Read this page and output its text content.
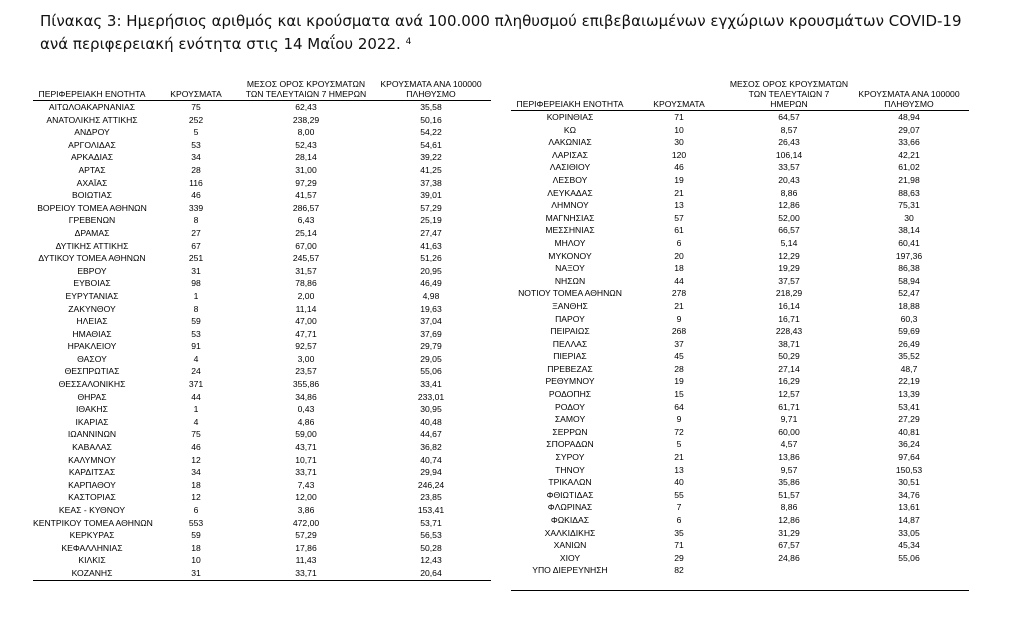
Πίνακας 3: Ημερήσιος αριθμός και κρούσματα ανά 100.000 πληθυσμού επιβεβαιωμένων εγχώριων κρουσμάτων COVID-19 ανά περιφερειακή ενότητα στις 14 Μαΐου 2022. $^4$
ΠΕΡΙΦΕΡΕΙΑΚΗ ΕΝΟΤΗΤΑ	ΚΡΟΥΣΜΑΤΑ	ΜΕΣΟΣ ΟΡΟΣ ΚΡΟΥΣΜΑΤΩΝ ΤΩΝ ΤΕΛΕΥΤΑΙΩΝ 7 ΗΜΕΡΩΝ	ΚΡΟΥΣΜΑΤΑ ΑΝΑ 100000 ΠΛΗΘΥΣΜΟ
ΑΙΤΩΛΟΑΚΑΡΝΑΝΙΑΣ	75	62,43	35,58
ΑΝΑΤΟΛΙΚΗΣ ΑΤΤΙΚΗΣ	252	238,29	50,16
ΑΝΔΡΟΥ	5	8,00	54,22
ΑΡΓΟΛΙΔΑΣ	53	52,43	54,61
ΑΡΚΑΔΙΑΣ	34	28,14	39,22
ΑΡΤΑΣ	28	31,00	41,25
ΑΧΑΪΑΣ	116	97,29	37,38
ΒΟΙΩΤΙΑΣ	46	41,57	39,01
ΒΟΡΕΙΟΥ ΤΟΜΕΑ ΑΘΗΝΩΝ	339	286,57	57,29
ΓΡΕΒΕΝΩΝ	8	6,43	25,19
ΔΡΑΜΑΣ	27	25,14	27,47
ΔΥΤΙΚΗΣ ΑΤΤΙΚΗΣ	67	67,00	41,63
ΔΥΤΙΚΟΥ ΤΟΜΕΑ ΑΘΗΝΩΝ	251	245,57	51,26
ΕΒΡΟΥ	31	31,57	20,95
ΕΥΒΟΙΑΣ	98	78,86	46,49
ΕΥΡΥΤΑΝΙΑΣ	1	2,00	4,98
ΖΑΚΥΝΘΟΥ	8	11,14	19,63
ΗΛΕΙΑΣ	59	47,00	37,04
ΗΜΑΘΙΑΣ	53	47,71	37,69
ΗΡΑΚΛΕΙΟΥ	91	92,57	29,79
ΘΑΣΟΥ	4	3,00	29,05
ΘΕΣΠΡΩΤΙΑΣ	24	23,57	55,06
ΘΕΣΣΑΛΟΝΙΚΗΣ	371	355,86	33,41
ΘΗΡΑΣ	44	34,86	233,01
ΙΘΑΚΗΣ	1	0,43	30,95
ΙΚΑΡΙΑΣ	4	4,86	40,48
ΙΩΑΝΝΙΝΩΝ	75	59,00	44,67
ΚΑΒΑΛΑΣ	46	43,71	36,82
ΚΑΛΥΜΝΟΥ	12	10,71	40,74
ΚΑΡΔΙΤΣΑΣ	34	33,71	29,94
ΚΑΡΠΑΘΟΥ	18	7,43	246,24
ΚΑΣΤΟΡΙΑΣ	12	12,00	23,85
ΚΕΑΣ - ΚΥΘΝΟΥ	6	3,86	153,41
ΚΕΝΤΡΙΚΟΥ ΤΟΜΕΑ ΑΘΗΝΩΝ	553	472,00	53,71
ΚΕΡΚΥΡΑΣ	59	57,29	56,53
ΚΕΦΑΛΛΗΝΙΑΣ	18	17,86	50,28
ΚΙΛΚΙΣ	10	11,43	12,43
ΚΟΖΑΝΗΣ	31	33,71	20,64
ΠΕΡΙΦΕΡΕΙΑΚΗ ΕΝΟΤΗΤΑ	ΚΡΟΥΣΜΑΤΑ	ΜΕΣΟΣ ΟΡΟΣ ΚΡΟΥΣΜΑΤΩΝ ΤΩΝ ΤΕΛΕΥΤΑΙΩΝ 7 ΗΜΕΡΩΝ	ΚΡΟΥΣΜΑΤΑ ΑΝΑ 100000 ΠΛΗΘΥΣΜΟ
ΚΟΡΙΝΘΙΑΣ	71	64,57	48,94
ΚΩ	10	8,57	29,07
ΛΑΚΩΝΙΑΣ	30	26,43	33,66
ΛΑΡΙΣΑΣ	120	106,14	42,21
ΛΑΣΙΘΙΟΥ	46	33,57	61,02
ΛΕΣΒΟΥ	19	20,43	21,98
ΛΕΥΚΑΔΑΣ	21	8,86	88,63
ΛΗΜΝΟΥ	13	12,86	75,31
ΜΑΓΝΗΣΙΑΣ	57	52,00	30
ΜΕΣΣΗΝΙΑΣ	61	66,57	38,14
ΜΗΛΟΥ	6	5,14	60,41
ΜΥΚΟΝΟΥ	20	12,29	197,36
ΝΑΞΟΥ	18	19,29	86,38
ΝΗΣΩΝ	44	37,57	58,94
ΝΟΤΙΟΥ ΤΟΜΕΑ ΑΘΗΝΩΝ	278	218,29	52,47
ΞΑΝΘΗΣ	21	16,14	18,88
ΠΑΡΟΥ	9	16,71	60,3
ΠΕΙΡΑΙΩΣ	268	228,43	59,69
ΠΕΛΛΑΣ	37	38,71	26,49
ΠΙΕΡΙΑΣ	45	50,29	35,52
ΠΡΕΒΕΖΑΣ	28	27,14	48,7
ΡΕΘΥΜΝΟΥ	19	16,29	22,19
ΡΟΔΟΠΗΣ	15	12,57	13,39
ΡΟΔΟΥ	64	61,71	53,41
ΣΑΜΟΥ	9	9,71	27,29
ΣΕΡΡΩΝ	72	60,00	40,81
ΣΠΟΡΑΔΩΝ	5	4,57	36,24
ΣΥΡΟΥ	21	13,86	97,64
ΤΗΝΟΥ	13	9,57	150,53
ΤΡΙΚΑΛΩΝ	40	35,86	30,51
ΦΘΙΩΤΙΔΑΣ	55	51,57	34,76
ΦΛΩΡΙΝΑΣ	7	8,86	13,61
ΦΩΚΙΔΑΣ	6	12,86	14,87
ΧΑΛΚΙΔΙΚΗΣ	35	31,29	33,05
ΧΑΝΙΩΝ	71	67,57	45,34
ΧΙΟΥ	29	24,86	55,06
ΥΠΟ ΔΙΕΡΕΥΝΗΣΗ	82		
